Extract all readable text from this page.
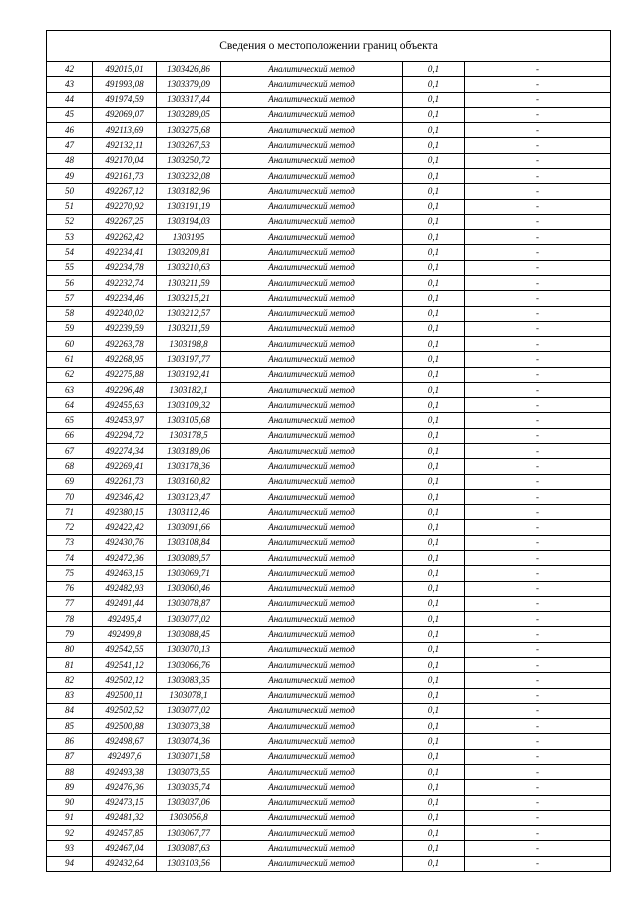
Сведения о местоположении границ объекта					
42	492015,01	1303426,86	Аналитический метод	0,1	-
43	491993,08	1303379,09	Аналитический метод	0,1	-
44	491974,59	1303317,44	Аналитический метод	0,1	-
45	492069,07	1303289,05	Аналитический метод	0,1	-
46	492113,69	1303275,68	Аналитический метод	0,1	-
47	492132,11	1303267,53	Аналитический метод	0,1	-
48	492170,04	1303250,72	Аналитический метод	0,1	-
49	492161,73	1303232,08	Аналитический метод	0,1	-
50	492267,12	1303182,96	Аналитический метод	0,1	-
51	492270,92	1303191,19	Аналитический метод	0,1	-
52	492267,25	1303194,03	Аналитический метод	0,1	-
53	492262,42	1303195	Аналитический метод	0,1	-
54	492234,41	1303209,81	Аналитический метод	0,1	-
55	492234,78	1303210,63	Аналитический метод	0,1	-
56	492232,74	1303211,59	Аналитический метод	0,1	-
57	492234,46	1303215,21	Аналитический метод	0,1	-
58	492240,02	1303212,57	Аналитический метод	0,1	-
59	492239,59	1303211,59	Аналитический метод	0,1	-
60	492263,78	1303198,8	Аналитический метод	0,1	-
61	492268,95	1303197,77	Аналитический метод	0,1	-
62	492275,88	1303192,41	Аналитический метод	0,1	-
63	492296,48	1303182,1	Аналитический метод	0,1	-
64	492455,63	1303109,32	Аналитический метод	0,1	-
65	492453,97	1303105,68	Аналитический метод	0,1	-
66	492294,72	1303178,5	Аналитический метод	0,1	-
67	492274,34	1303189,06	Аналитический метод	0,1	-
68	492269,41	1303178,36	Аналитический метод	0,1	-
69	492261,73	1303160,82	Аналитический метод	0,1	-
70	492346,42	1303123,47	Аналитический метод	0,1	-
71	492380,15	1303112,46	Аналитический метод	0,1	-
72	492422,42	1303091,66	Аналитический метод	0,1	-
73	492430,76	1303108,84	Аналитический метод	0,1	-
74	492472,36	1303089,57	Аналитический метод	0,1	-
75	492463,15	1303069,71	Аналитический метод	0,1	-
76	492482,93	1303060,46	Аналитический метод	0,1	-
77	492491,44	1303078,87	Аналитический метод	0,1	-
78	492495,4	1303077,02	Аналитический метод	0,1	-
79	492499,8	1303088,45	Аналитический метод	0,1	-
80	492542,55	1303070,13	Аналитический метод	0,1	-
81	492541,12	1303066,76	Аналитический метод	0,1	-
82	492502,12	1303083,35	Аналитический метод	0,1	-
83	492500,11	1303078,1	Аналитический метод	0,1	-
84	492502,52	1303077,02	Аналитический метод	0,1	-
85	492500,88	1303073,38	Аналитический метод	0,1	-
86	492498,67	1303074,36	Аналитический метод	0,1	-
87	492497,6	1303071,58	Аналитический метод	0,1	-
88	492493,38	1303073,55	Аналитический метод	0,1	-
89	492476,36	1303035,74	Аналитический метод	0,1	-
90	492473,15	1303037,06	Аналитический метод	0,1	-
91	492481,32	1303056,8	Аналитический метод	0,1	-
92	492457,85	1303067,77	Аналитический метод	0,1	-
93	492467,04	1303087,63	Аналитический метод	0,1	-
94	492432,64	1303103,56	Аналитический метод	0,1	-
